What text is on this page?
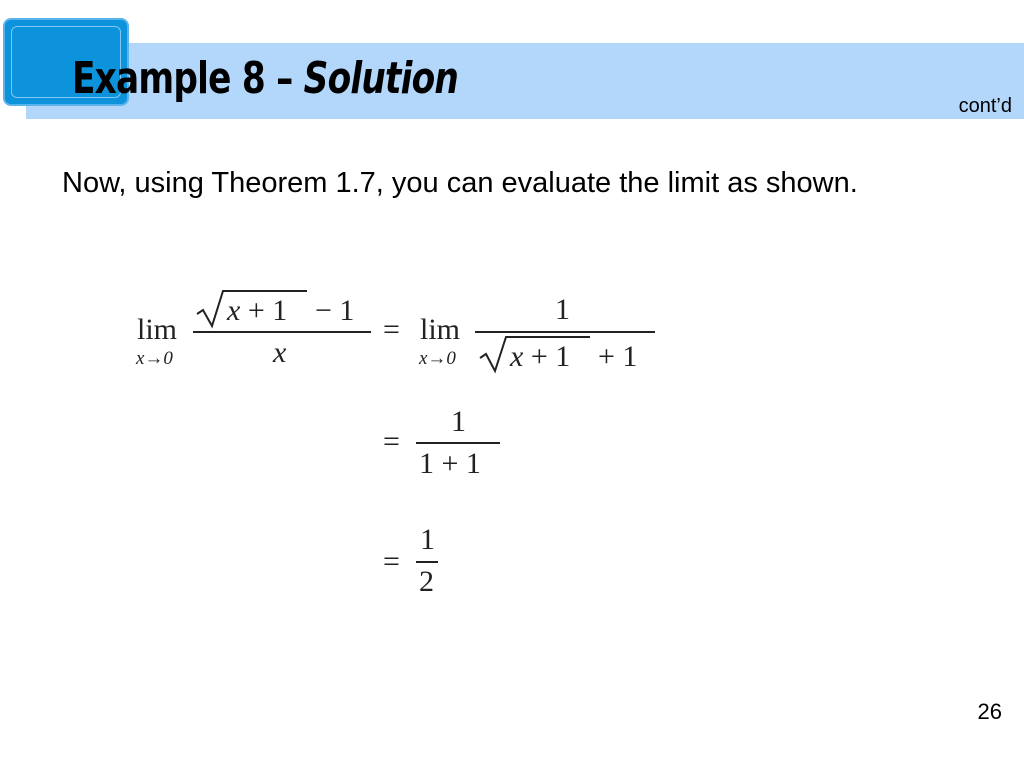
Example 8 – Solution
cont’d
Now, using Theorem 1.7, you can evaluate the limit as shown.
lim
x→0
x + 1 − 1
x
= lim
x→0
1
x + 1 + 1
=
1
1 + 1
=
1
2
26
